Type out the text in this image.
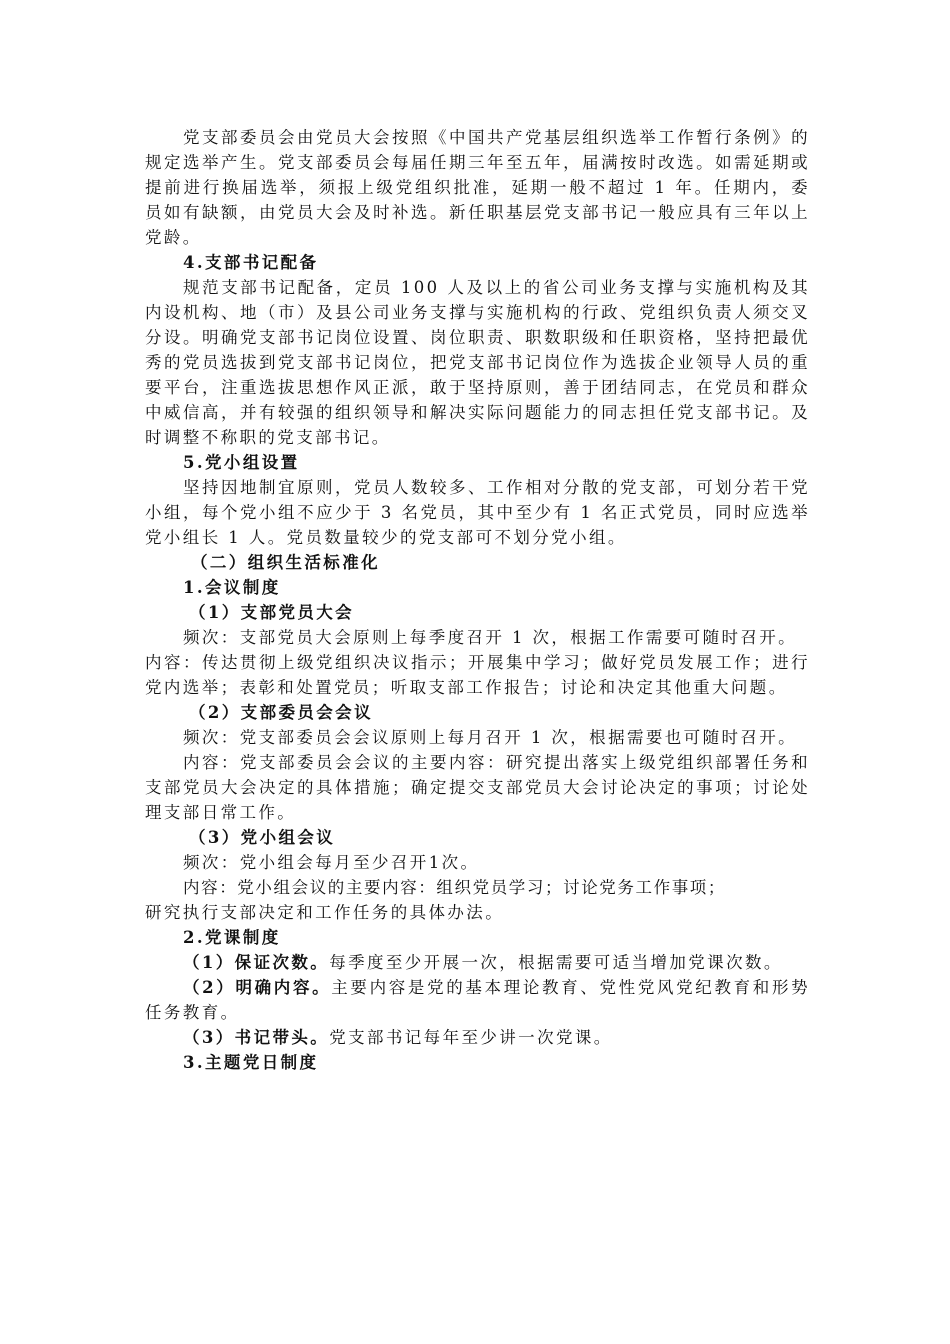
党支部委员会由党员大会按照《中国共产党基层组织选举工作暂行条例》的规定选举产生。党支部委员会每届任期三年至五年，届满按时改选。如需延期或提前进行换届选举，须报上级党组织批准，延期一般不超过 1 年。任期内，委员如有缺额，由党员大会及时补选。新任职基层党支部书记一般应具有三年以上党龄。

4.支部书记配备

规范支部书记配备，定员 100 人及以上的省公司业务支撑与实施机构及其内设机构、地（市）及县公司业务支撑与实施机构的行政、党组织负责人须交叉分设。明确党支部书记岗位设置、岗位职责、职数职级和任职资格，坚持把最优秀的党员选拔到党支部书记岗位，把党支部书记岗位作为选拔企业领导人员的重要平台，注重选拔思想作风正派，敢于坚持原则，善于团结同志，在党员和群众中威信高，并有较强的组织领导和解决实际问题能力的同志担任党支部书记。及时调整不称职的党支部书记。

5.党小组设置

坚持因地制宜原则，党员人数较多、工作相对分散的党支部，可划分若干党小组，每个党小组不应少于 3 名党员，其中至少有 1 名正式党员，同时应选举党小组长 1 人。党员数量较少的党支部可不划分党小组。

（二）组织生活标准化

1.会议制度

（1）支部党员大会

频次：支部党员大会原则上每季度召开 1 次，根据工作需要可随时召开。

内容：传达贯彻上级党组织决议指示；开展集中学习；做好党员发展工作；进行党内选举；表彰和处置党员；听取支部工作报告；讨论和决定其他重大问题。

（2）支部委员会会议

频次：党支部委员会会议原则上每月召开 1 次，根据需要也可随时召开。

内容：党支部委员会会议的主要内容：研究提出落实上级党组织部署任务和支部党员大会决定的具体措施；确定提交支部党员大会讨论决定的事项；讨论处理支部日常工作。

（3）党小组会议

频次：党小组会每月至少召开1次。

内容：党小组会议的主要内容：组织党员学习；讨论党务工作事项；

研究执行支部决定和工作任务的具体办法。

2.党课制度

（1）保证次数。每季度至少开展一次，根据需要可适当增加党课次数。

（2）明确内容。主要内容是党的基本理论教育、党性党风党纪教育和形势任务教育。

（3）书记带头。党支部书记每年至少讲一次党课。

3.主题党日制度
